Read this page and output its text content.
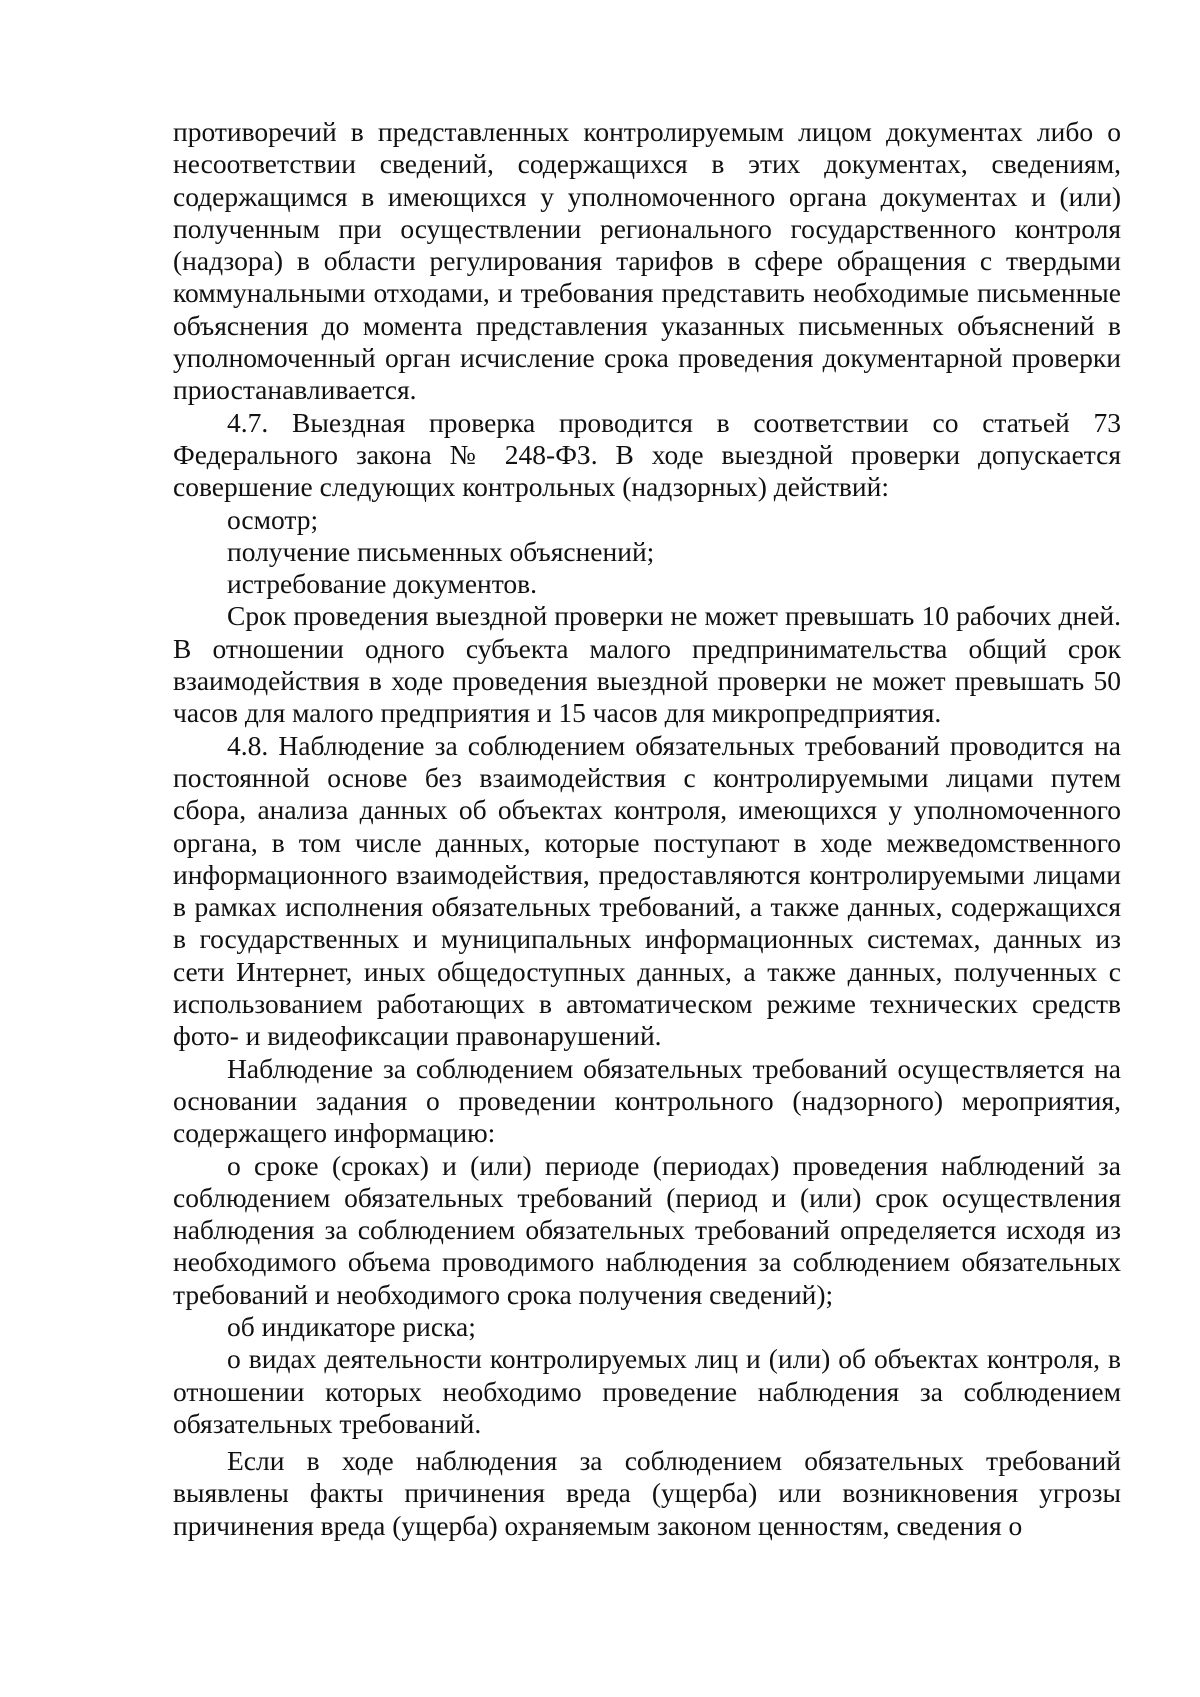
противоречий в представленных контролируемым лицом документах либо о несоответствии сведений, содержащихся в этих документах, сведениям, содержащимся в имеющихся у уполномоченного органа документах и (или) полученным при осуществлении регионального государственного контроля (надзора) в области регулирования тарифов в сфере обращения с твердыми коммунальными отходами, и требования представить необходимые письменные объяснения до момента представления указанных письменных объяснений в уполномоченный орган исчисление срока проведения документарной проверки приостанавливается.

4.7. Выездная проверка проводится в соответствии со статьей 73 Федерального закона № 248-ФЗ. В ходе выездной проверки допускается совершение следующих контрольных (надзорных) действий:

осмотр;

получение письменных объяснений;

истребование документов.

Срок проведения выездной проверки не может превышать 10 рабочих дней. В отношении одного субъекта малого предпринимательства общий срок взаимодействия в ходе проведения выездной проверки не может превышать 50 часов для малого предприятия и 15 часов для микропредприятия.

4.8. Наблюдение за соблюдением обязательных требований проводится на постоянной основе без взаимодействия с контролируемыми лицами путем сбора, анализа данных об объектах контроля, имеющихся у уполномоченного органа, в том числе данных, которые поступают в ходе межведомственного информационного взаимодействия, предоставляются контролируемыми лицами в рамках исполнения обязательных требований, а также данных, содержащихся в государственных и муниципальных информационных системах, данных из сети Интернет, иных общедоступных данных, а также данных, полученных с использованием работающих в автоматическом режиме технических средств фото- и видеофиксации правонарушений.

Наблюдение за соблюдением обязательных требований осуществляется на основании задания о проведении контрольного (надзорного) мероприятия, содержащего информацию:

о сроке (сроках) и (или) периоде (периодах) проведения наблюдений за соблюдением обязательных требований (период и (или) срок осуществления наблюдения за соблюдением обязательных требований определяется исходя из необходимого объема проводимого наблюдения за соблюдением обязательных требований и необходимого срока получения сведений);

об индикаторе риска;

о видах деятельности контролируемых лиц и (или) об объектах контроля, в отношении которых необходимо проведение наблюдения за соблюдением обязательных требований.

Если в ходе наблюдения за соблюдением обязательных требований выявлены факты причинения вреда (ущерба) или возникновения угрозы причинения вреда (ущерба) охраняемым законом ценностям, сведения о
